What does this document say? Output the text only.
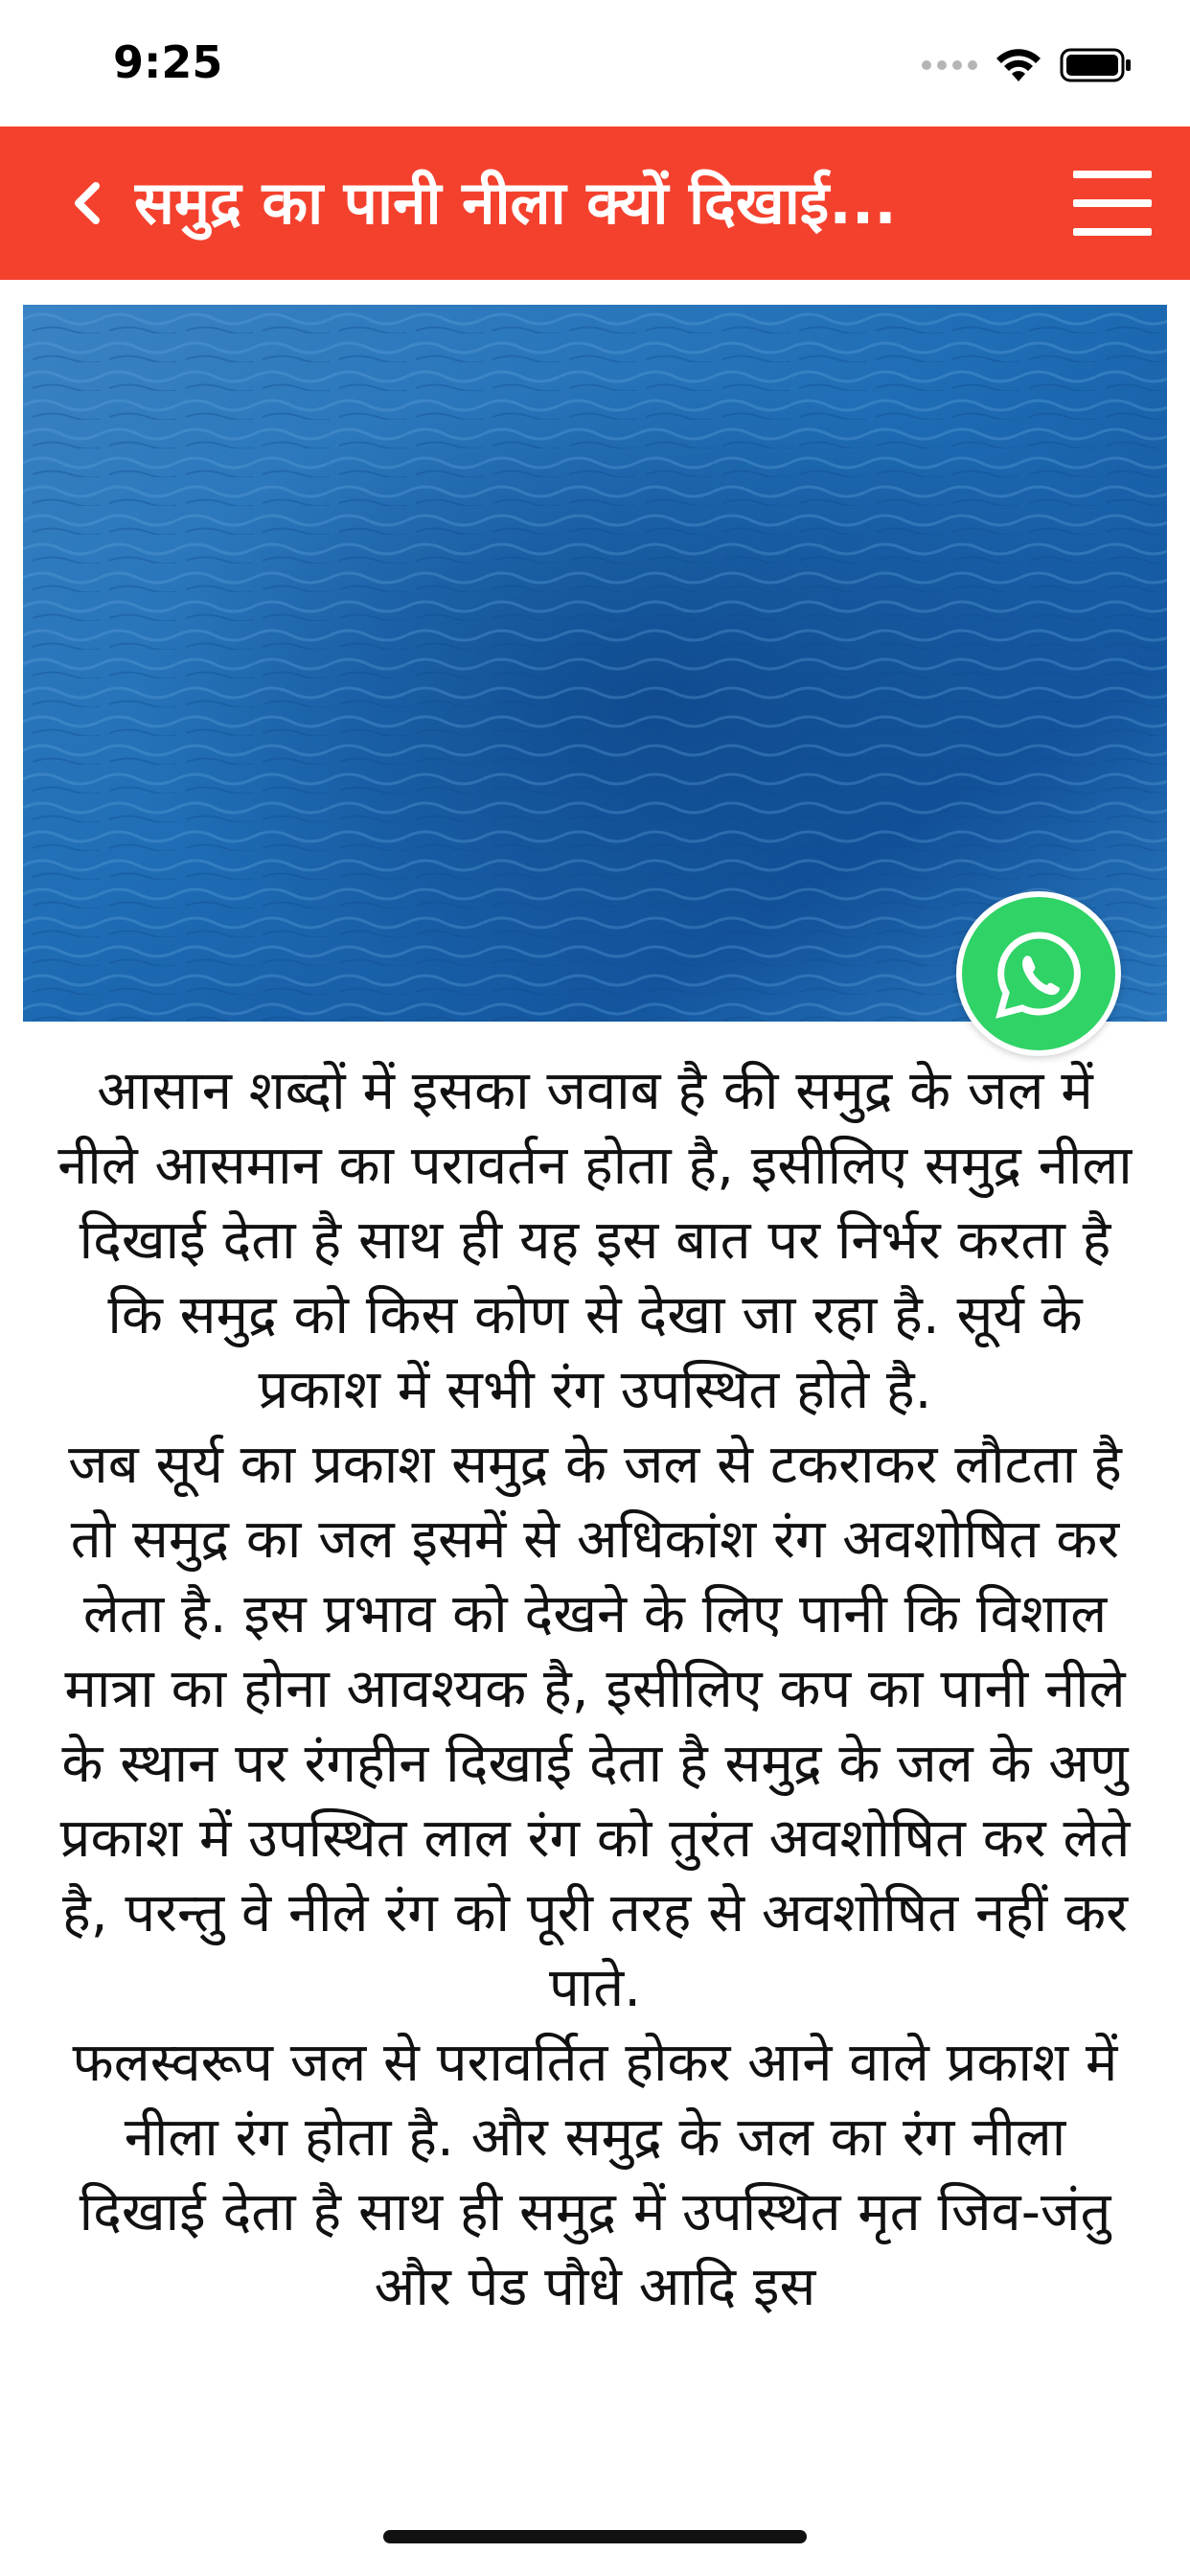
9:25
समुद्र का पानी नीला क्यों दिखाई...

आसान शब्दों में इसका जवाब है की समुद्र के जल में नीले आसमान का परावर्तन होता है, इसीलिए समुद्र नीला दिखाई देता है साथ ही यह इस बात पर निर्भर करता है कि समुद्र को किस कोण से देखा जा रहा है. सूर्य के प्रकाश में सभी रंग उपस्थित होते है.

जब सूर्य का प्रकाश समुद्र के जल से टकराकर लौटता है तो समुद्र का जल इसमें से अधिकांश रंग अवशोषित कर लेता है. इस प्रभाव को देखने के लिए पानी कि विशाल मात्रा का होना आवश्यक है, इसीलिए कप का पानी नीले के स्थान पर रंगहीन दिखाई देता है समुद्र के जल के अणु प्रकाश में उपस्थित लाल रंग को तुरंत अवशोषित कर लेते है, परन्तु वे नीले रंग को पूरी तरह से अवशोषित नहीं कर पाते.

फलस्वरूप जल से परावर्तित होकर आने वाले प्रकाश में नीला रंग होता है. और समुद्र के जल का रंग नीला दिखाई देता है साथ ही समुद्र में उपस्थित मृत जिव-जंतु और पेड पौधे आदि इस
